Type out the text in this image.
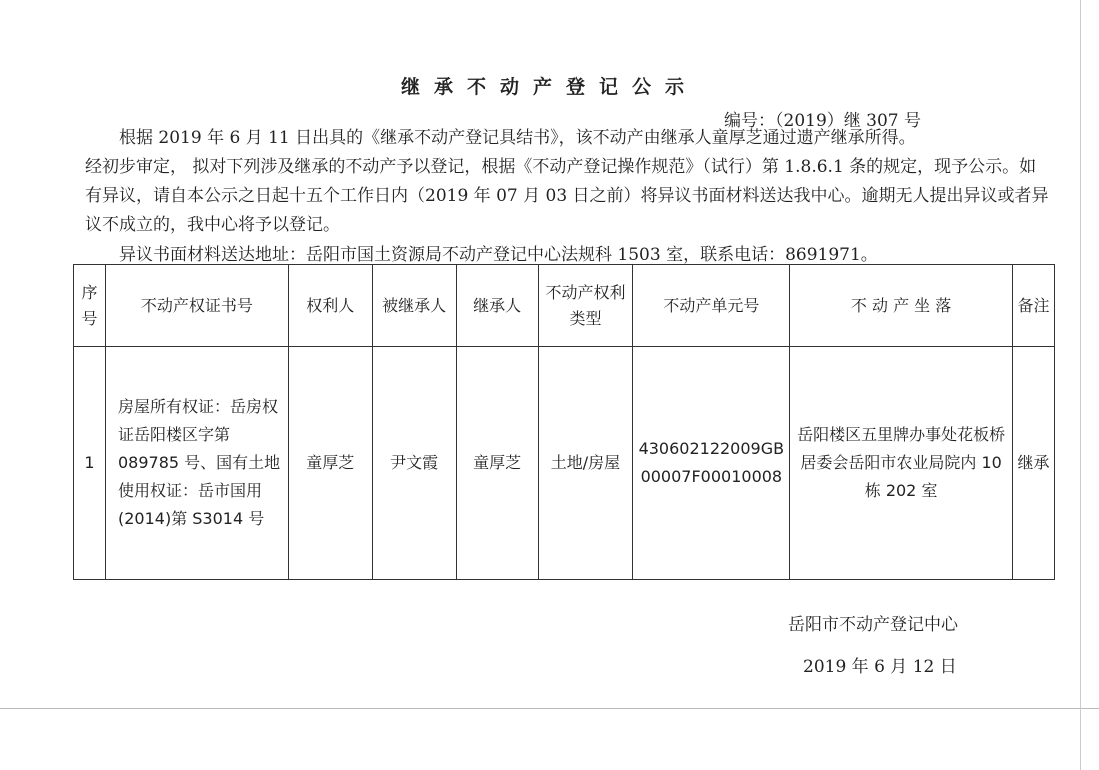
继承不动产登记公示
编号：（2019）继 307 号

根据 2019 年 6 月 11 日出具的《继承不动产登记具结书》，该不动产由继承人童厚芝通过遗产继承所得。

经初步审定， 拟对下列涉及继承的不动产予以登记，根据《不动产登记操作规范》（试行）第 1.8.6.1 条的规定，现予公示。如有异议，请自本公示之日起十五个工作日内（2019 年 07 月 03 日之前）将异议书面材料送达我中心。逾期无人提出异议或者异议不成立的，我中心将予以登记。

异议书面材料送达地址：岳阳市国土资源局不动产登记中心法规科 1503 室，联系电话：8691971。
序号	不动产权证书号	权利人	被继承人	继承人	不动产权利类型	不动产单元号	不 动 产 坐 落	备注
1	房屋所有权证：岳房权证岳阳楼区字第 089785 号、国有土地使用权证：岳市国用(2014)第 S3014 号	童厚芝	尹文霞	童厚芝	土地/房屋	430602122009GB00007F00010008	岳阳楼区五里牌办事处花板桥居委会岳阳市农业局院内 10 栋 202 室	继承
岳阳市不动产登记中心
2019 年 6 月 12 日
